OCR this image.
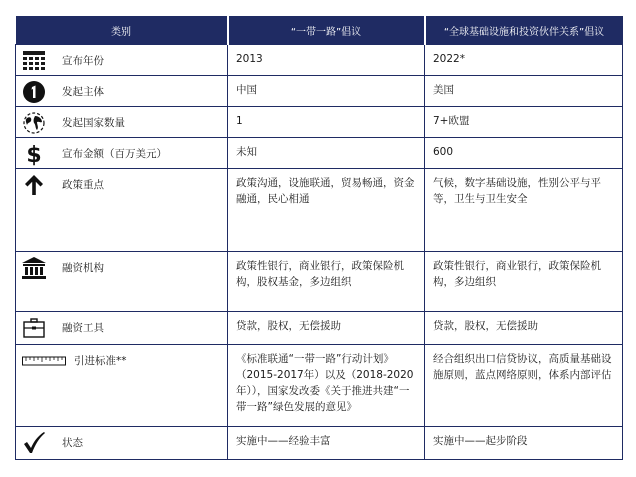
类别	“一带一路”倡议	“全球基础设施和投资伙伴关系”倡议

宣布年份	2013	2022*

发起主体	中国	美国

发起国家数量	1	7+欧盟

$ 宣布金额（百万美元）	未知	600

政策重点	政策沟通，设施联通，贸易畅通，资金融通，民心相通	气候，数字基础设施，性别公平与平等，卫生与卫生安全

融资机构	政策性银行，商业银行，政策保险机构，股权基金，多边组织	政策性银行，商业银行，政策保险机构，多边组织

融资工具	贷款，股权，无偿援助	贷款，股权，无偿援助

引进标准**	《标准联通“一带一路”行动计划》（2015-2017年）以及（2018-2020年）），国家发改委《关于推进共建“一带一路”绿色发展的意见》	经合组织出口信贷协议，高质量基础设施原则，蓝点网络原则，体系内部评估

状态	实施中——经验丰富	实施中——起步阶段
